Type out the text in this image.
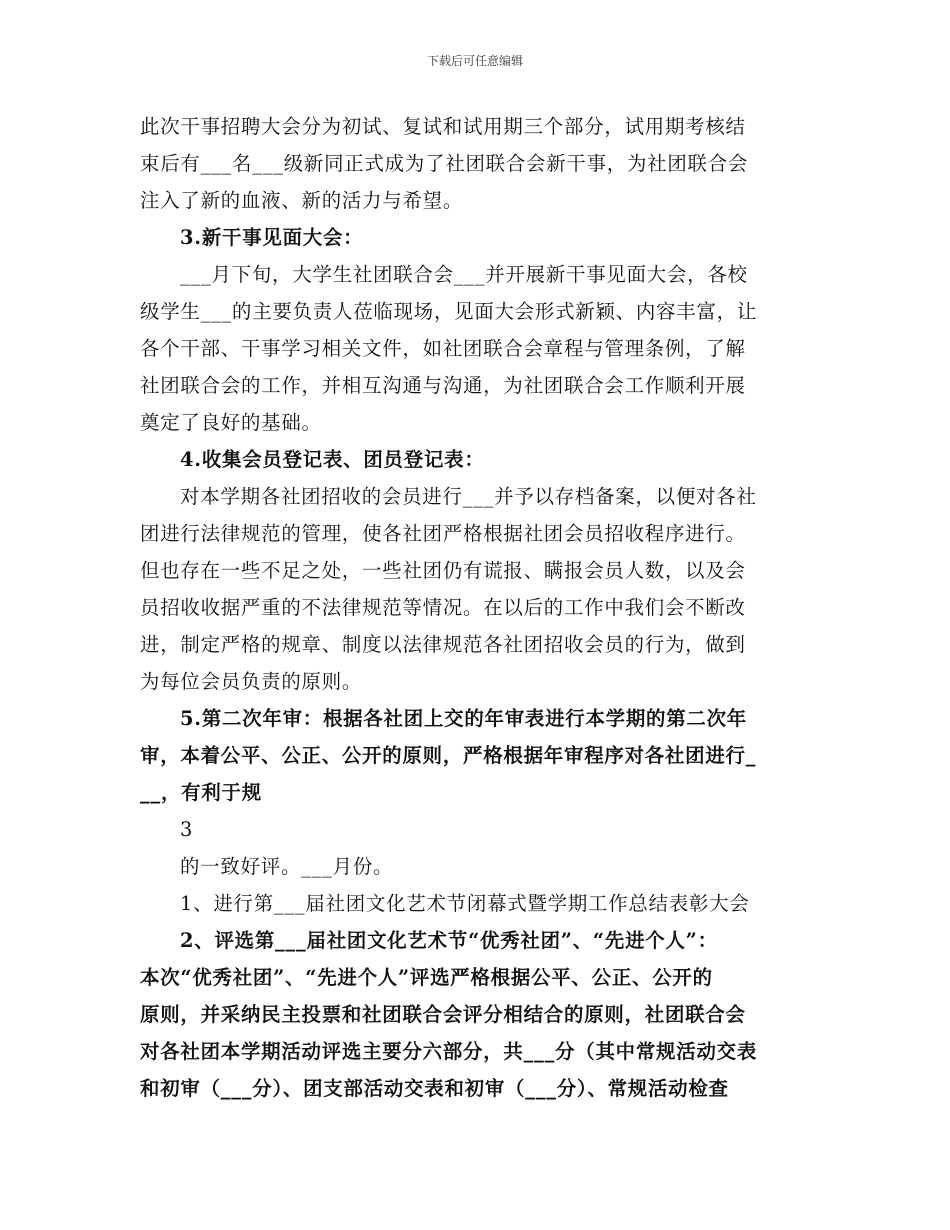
下载后可任意编辑
此次干事招聘大会分为初试、复试和试用期三个部分，试用期考核结
束后有___名___级新同正式成为了社团联合会新干事，为社团联合会
注入了新的血液、新的活力与希望。
3.新干事见面大会：
___月下旬，大学生社团联合会___并开展新干事见面大会，各校
级学生___的主要负责人莅临现场，见面大会形式新颖、内容丰富，让
各个干部、干事学习相关文件，如社团联合会章程与管理条例，了解
社团联合会的工作，并相互沟通与沟通，为社团联合会工作顺利开展
奠定了良好的基础。
4.收集会员登记表、团员登记表：
对本学期各社团招收的会员进行___并予以存档备案，以便对各社
团进行法律规范的管理，使各社团严格根据社团会员招收程序进行。
但也存在一些不足之处，一些社团仍有谎报、瞒报会员人数，以及会
员招收收据严重的不法律规范等情况。在以后的工作中我们会不断改
进，制定严格的规章、制度以法律规范各社团招收会员的行为，做到
为每位会员负责的原则。
5.第二次年审：根据各社团上交的年审表进行本学期的第二次年
审，本着公平、公正、公开的原则，严格根据年审程序对各社团进行_
__，有利于规
3
的一致好评。___月份。
1、进行第___届社团文化艺术节闭幕式暨学期工作总结表彰大会
2、评选第___届社团文化艺术节“优秀社团”、“先进个人”：
本次“优秀社团”、“先进个人”评选严格根据公平、公正、公开的
原则，并采纳民主投票和社团联合会评分相结合的原则，社团联合会
对各社团本学期活动评选主要分六部分，共___分（其中常规活动交表
和初审（___分）、团支部活动交表和初审（___分）、常规活动检查
